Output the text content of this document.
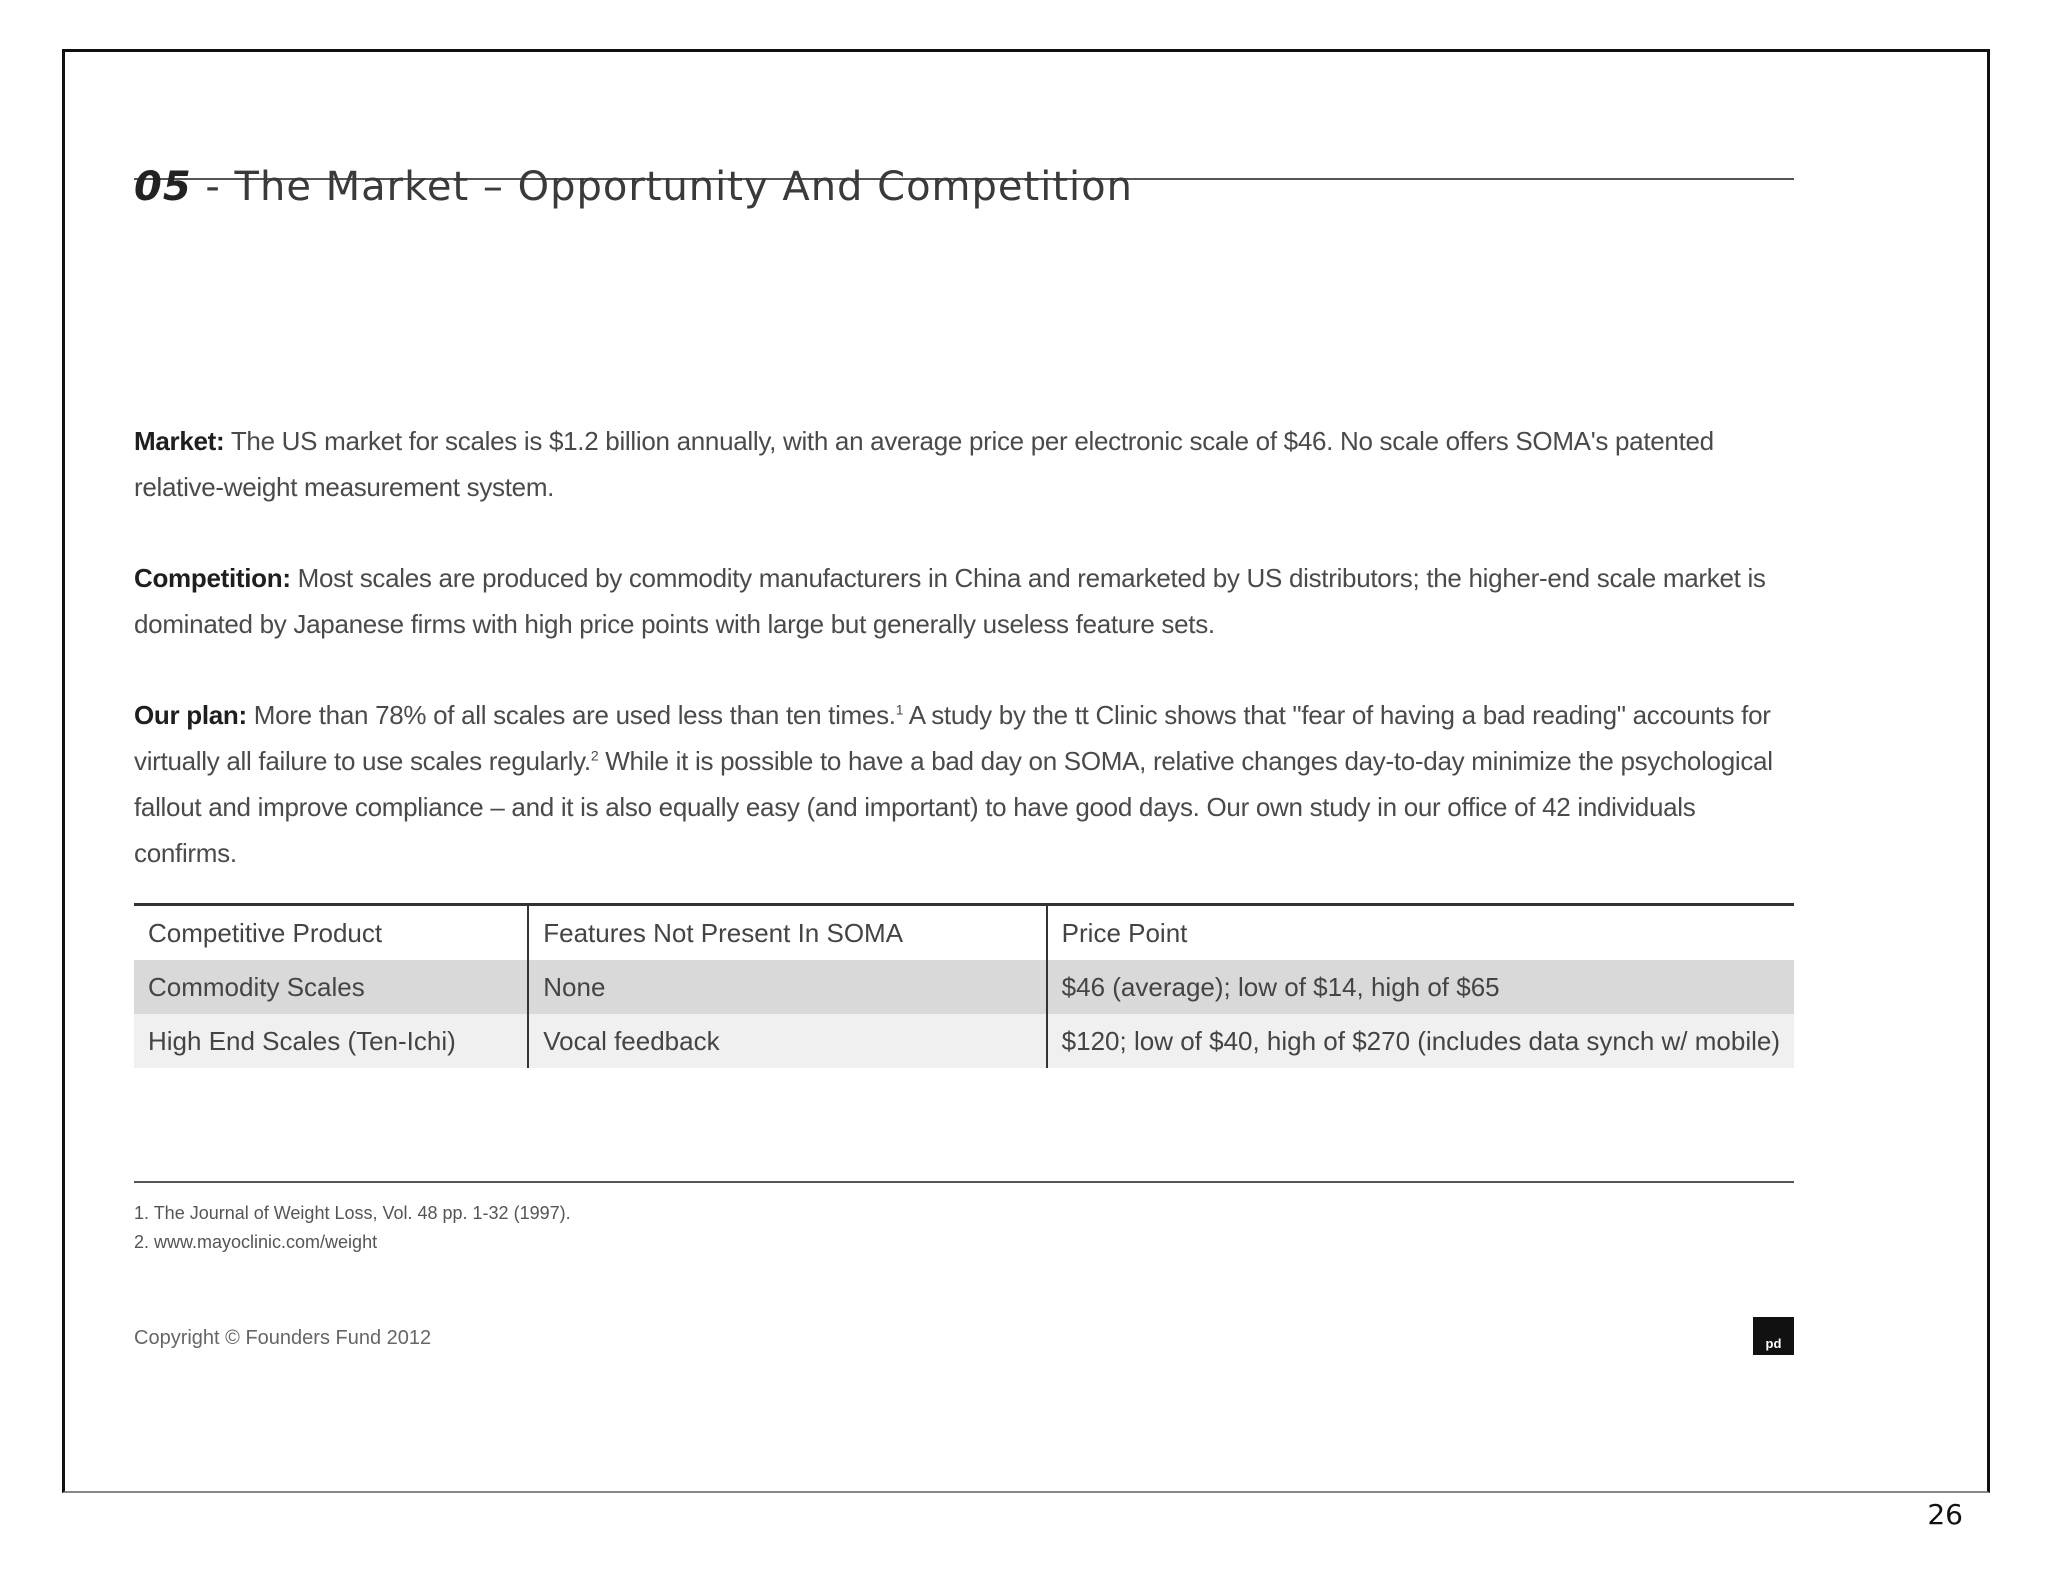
05 - The Market – Opportunity And Competition
Market: The US market for scales is $1.2 billion annually, with an average price per electronic scale of $46. No scale offers SOMA's patented relative-weight measurement system.
Competition: Most scales are produced by commodity manufacturers in China and remarketed by US distributors; the higher-end scale market is dominated by Japanese firms with high price points with large but generally useless feature sets.
Our plan: More than 78% of all scales are used less than ten times.$^1$ A study by the tt Clinic shows that "fear of having a bad reading" accounts for virtually all failure to use scales regularly.$^2$ While it is possible to have a bad day on SOMA, relative changes day-to-day minimize the psychological fallout and improve compliance – and it is also equally easy (and important) to have good days. Our own study in our office of 42 individuals confirms.
Competitive Product	Features Not Present In SOMA	Price Point
Commodity Scales	None	$46 (average); low of $14, high of $65
High End Scales (Ten-Ichi)	Vocal feedback	$120; low of $40, high of $270 (includes data synch w/ mobile)
1. The Journal of Weight Loss, Vol. 48 pp. 1-32 (1997).
2. www.mayoclinic.com/weight
Copyright © Founders Fund 2012	pd
26
